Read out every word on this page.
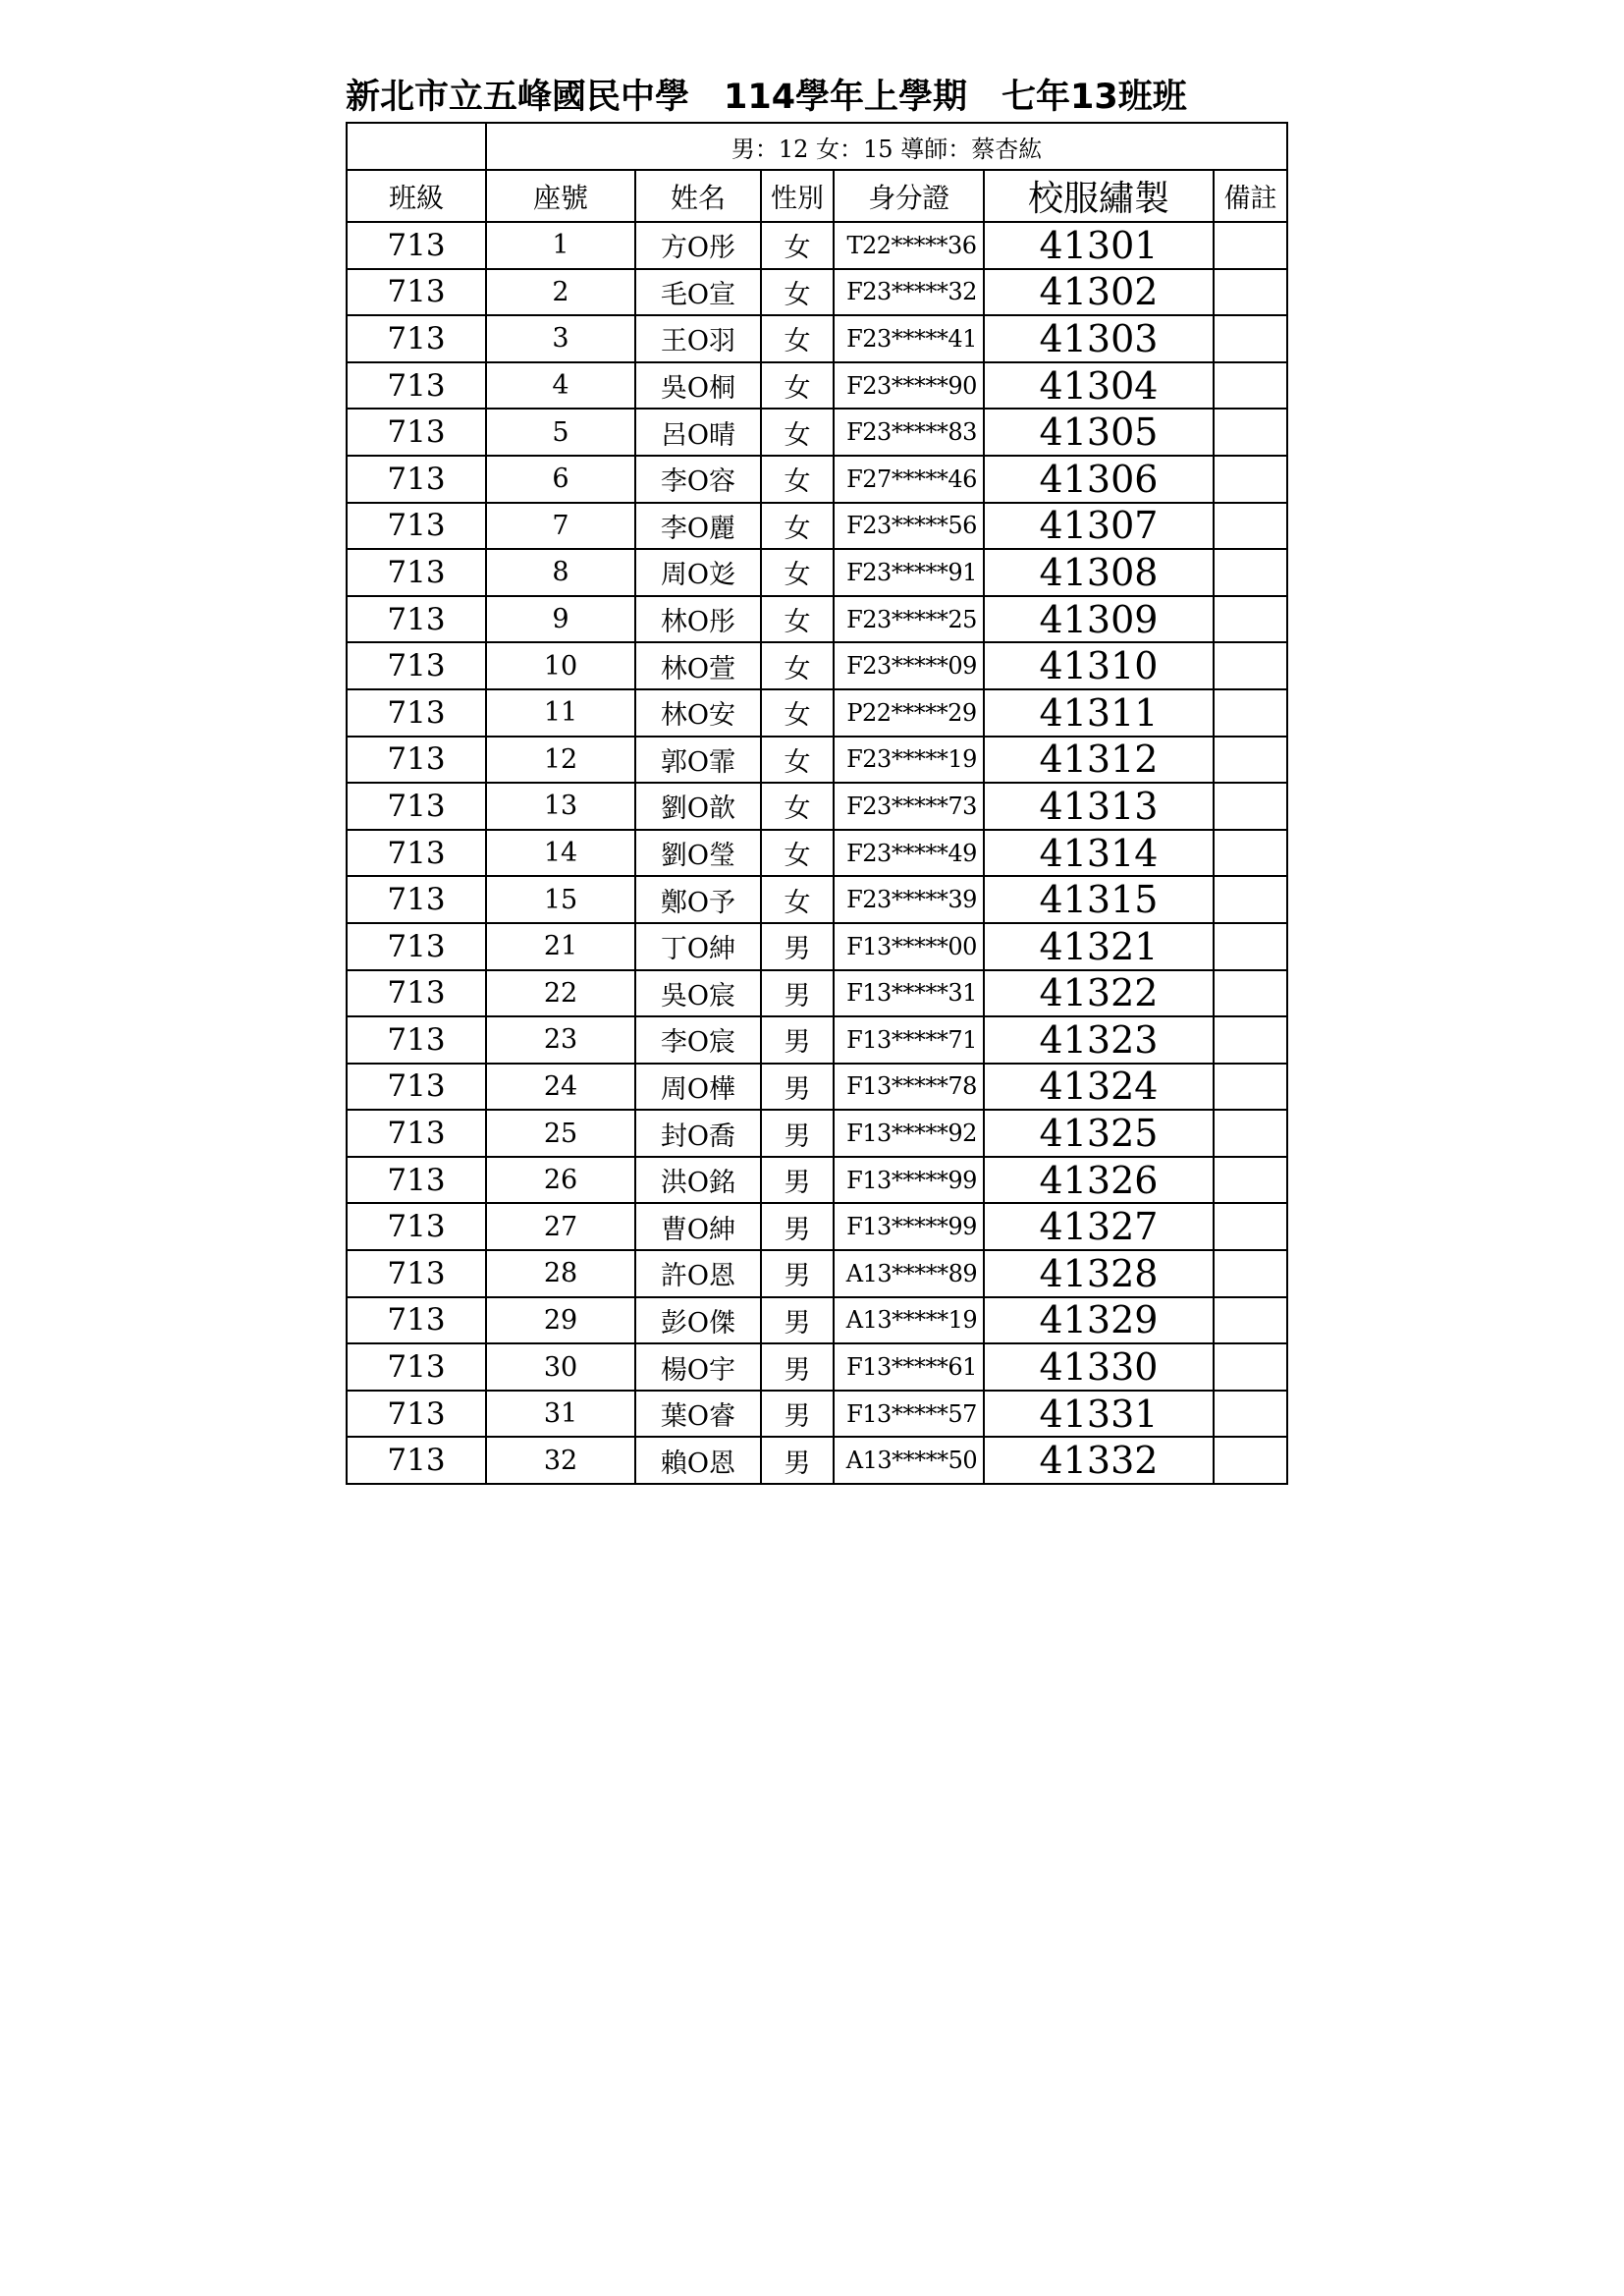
新北市立五峰國民中學　114學年上學期　七年13班班
	男：12 女：15 導師：蔡杏紘					
班級	座號	姓名	性別	身分證	校服繡製	備註
713	1	方O彤	女	T22*****36	41301	
713	2	毛O宣	女	F23*****32	41302	
713	3	王O羽	女	F23*****41	41303	
713	4	吳O桐	女	F23*****90	41304	
713	5	呂O晴	女	F23*****83	41305	
713	6	李O容	女	F27*****46	41306	
713	7	李O麗	女	F23*****56	41307	
713	8	周O彣	女	F23*****91	41308	
713	9	林O彤	女	F23*****25	41309	
713	10	林O萱	女	F23*****09	41310	
713	11	林O安	女	P22*****29	41311	
713	12	郭O霏	女	F23*****19	41312	
713	13	劉O歆	女	F23*****73	41313	
713	14	劉O瑩	女	F23*****49	41314	
713	15	鄭O予	女	F23*****39	41315	
713	21	丁O紳	男	F13*****00	41321	
713	22	吳O宸	男	F13*****31	41322	
713	23	李O宸	男	F13*****71	41323	
713	24	周O樺	男	F13*****78	41324	
713	25	封O喬	男	F13*****92	41325	
713	26	洪O銘	男	F13*****99	41326	
713	27	曹O紳	男	F13*****99	41327	
713	28	許O恩	男	A13*****89	41328	
713	29	彭O傑	男	A13*****19	41329	
713	30	楊O宇	男	F13*****61	41330	
713	31	葉O睿	男	F13*****57	41331	
713	32	賴O恩	男	A13*****50	41332	
